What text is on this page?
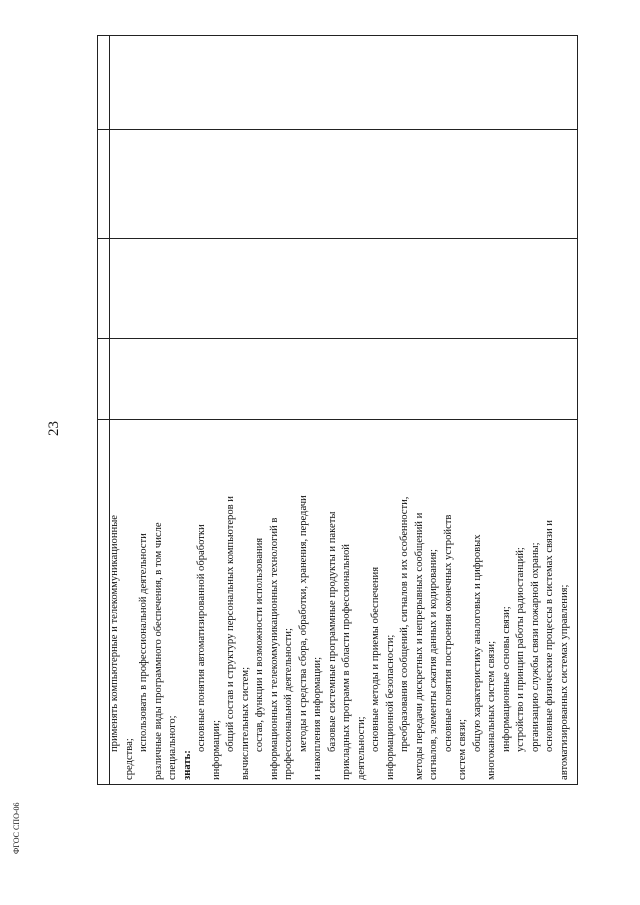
23
ФГОС СПО-06
применять компьютерные и телекоммуникационные
средства;
использовать в профессиональной деятельности различные виды программного обеспечения, в том числе специального; знать:
основные понятия автоматизированной обработки информации; общий состав и структуру персональных компьютеров и вычислительных систем; состав, функции и возможности использования информационных и телекоммуникационных технологий в профессиональной деятельности; методы и средства сбора, обработки, хранения, передачи и накопления информации; базовые системные программные продукты и пакеты прикладных программ в области профессиональной деятельности; основные методы и приемы обеспечения информационной безопасности; преобразования сообщений, сигналов и их особенности, методы передачи дискретных и непрерывных сообщений и сигналов, элементы сжатия данных и кодирования; основные понятия построения оконечных устройств систем связи; общую характеристику аналоговых и цифровых многоканальных систем связи; информационные основы связи; устройство и принцип работы радиостанций; организацию службы связи пожарной охраны; основные физические процессы в системах связи и автоматизированных системах управления;
